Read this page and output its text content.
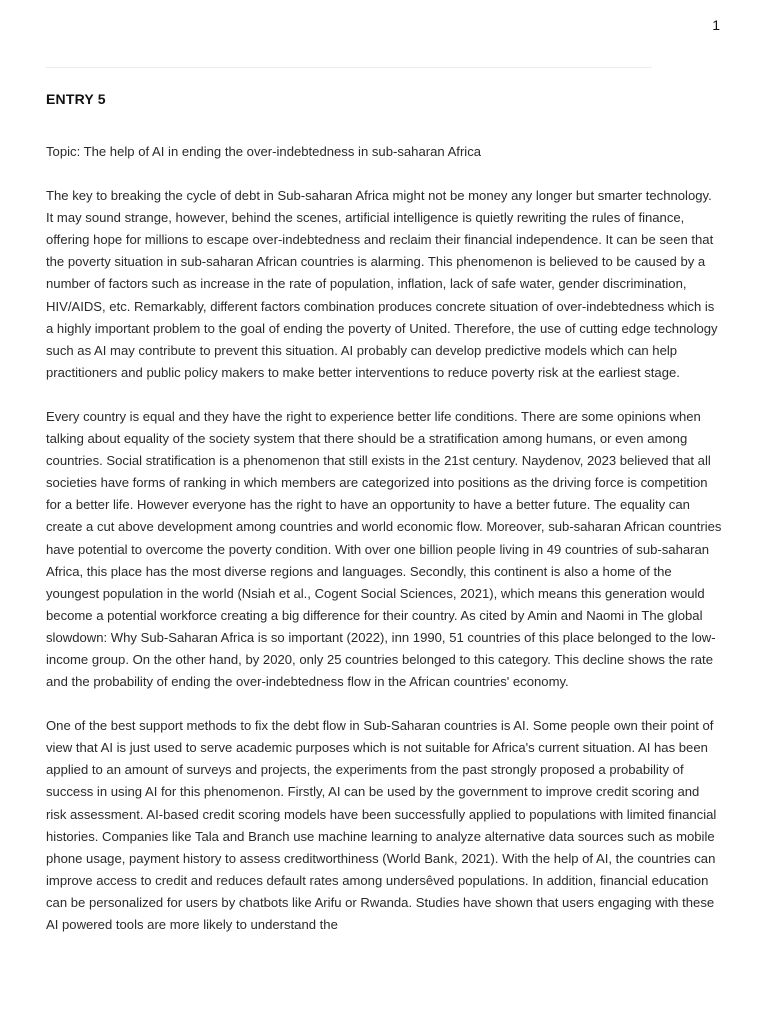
1
ENTRY 5

Topic: The help of AI in ending the over-indebtedness in sub-saharan Africa

The key to breaking the cycle of debt in Sub-saharan Africa might not be money any longer but smarter technology. It may sound strange, however, behind the scenes, artificial intelligence is quietly rewriting the rules of finance, offering hope for millions to escape over-indebtedness and reclaim their financial independence. It can be seen that the poverty situation in sub-saharan African countries is alarming. This phenomenon is believed to be caused by a number of factors such as increase in the rate of population, inflation, lack of safe water, gender discrimination, HIV/AIDS, etc. Remarkably, different factors combination produces concrete situation of over-indebtedness which is a highly important problem to the goal of ending the poverty of United. Therefore, the use of cutting edge technology such as AI may contribute to prevent this situation. AI probably can develop predictive models which can help practitioners and public policy makers to make better interventions to reduce poverty risk at the earliest stage.

Every country is equal and they have the right to experience better life conditions. There are some opinions when talking about equality of the society system that there should be a stratification among humans, or even among countries. Social stratification is a phenomenon that still exists in the 21st century. Naydenov, 2023 believed that all societies have forms of ranking in which members are categorized into positions as the driving force is competition for a better life. However everyone has the right to have an opportunity to have a better future. The equality can create a cut above development among countries and world economic flow. Moreover, sub-saharan African countries have potential to overcome the poverty condition. With over one billion people living in 49 countries of sub-saharan Africa, this place has the most diverse regions and languages. Secondly, this continent is also a home of the youngest population in the world (Nsiah et al., Cogent Social Sciences, 2021), which means this generation would become a potential workforce creating a big difference for their country. As cited by Amin and Naomi in The global slowdown: Why Sub-Saharan Africa is so important (2022), inn 1990, 51 countries of this place belonged to the low-income group. On the other hand, by 2020, only 25 countries belonged to this category. This decline shows the rate and the probability of ending the over-indebtedness flow in the African countries' economy.

One of the best support methods to fix the debt flow in Sub-Saharan countries is AI. Some people own their point of view that AI is just used to serve academic purposes which is not suitable for Africa's current situation. AI has been applied to an amount of surveys and projects, the experiments from the past strongly proposed a probability of success in using AI for this phenomenon. Firstly, AI can be used by the government to improve credit scoring and risk assessment. AI-based credit scoring models have been successfully applied to populations with limited financial histories. Companies like Tala and Branch use machine learning to analyze alternative data sources such as mobile phone usage, payment history to assess creditworthiness (World Bank, 2021). With the help of AI, the countries can improve access to credit and reduces default rates among undersêved populations. In addition, financial education can be personalized for users by chatbots like Arifu or Rwanda. Studies have shown that users engaging with these AI powered tools are more likely to understand the
